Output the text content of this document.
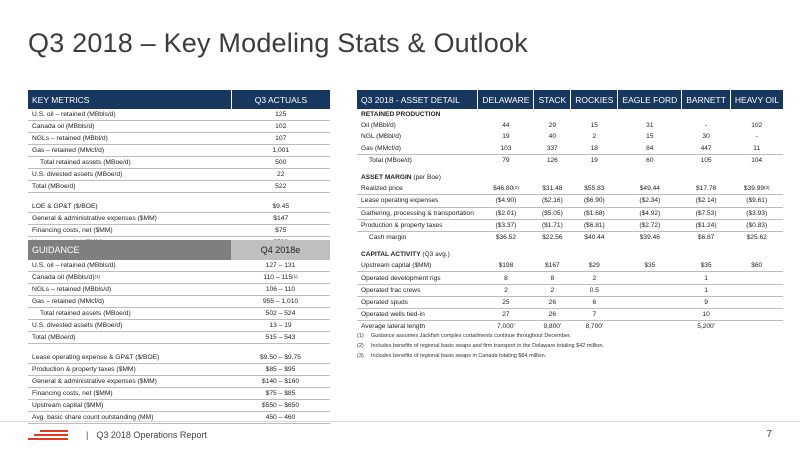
Q3 2018 – Key Modeling Stats & Outlook
KEY METRICS	Q3 ACTUALS
U.S. oil – retained (MBbls/d)	125
Canada oil (MBbls/d)	102
NGLs – retained (MBbl/d)	107
Gas – retained (MMcf/d)	1,001
Total retained assets (MBoe/d)	500
U.S. divested assets (MBoe/d)	22
Total (MBoe/d)	522

LOE & GP&T ($/BOE)	$9.45
General & administrative expenses ($MM)	$147
Financing costs, net ($MM)	$75

GUIDANCE	Q4 2018e
U.S. oil – retained (MBbls/d)	127 – 131
Canada oil (MBbls/d)$^{(1)}$	110 – 115$^{(1)}$
NGLs – retained (MBbls/d)	106 – 110
Gas – retained (MMcf/d)	955 – 1,010
Total retained assets (MBoe/d)	502 – 524
U.S. divested assets (MBoe/d)	13 – 19
Total (MBoe/d)	515 – 543

Lease operating expense & GP&T ($/BOE)	$9.50 – $9.75
Production & property taxes ($MM)	$85 – $95
General & administrative expenses ($MM)	$140 – $160
Financing costs, net ($MM)	$75 – $85
Upstream capital ($MM)	$550 – $650
Avg. basic share count outstanding (MM)	450 – 460
Q3 2018 - ASSET DETAIL	DELAWARE	STACK	ROCKIES	EAGLE FORD	BARNETT	HEAVY OIL
RETAINED PRODUCTION						
Oil (MBbl/d)	44	29	15	31	-	102
NGL (MBbl/d)	19	40	2	15	30	-
Gas (MMcf/d)	103	337	18	84	447	11
Total (MBoe/d)	79	126	19	60	105	104

ASSET MARGIN (per Boe)						
Realized price	$46.80$^{(2)}$	$31.48	$55.83	$49.44	$17.78	$39.99$^{(3)}$
Lease operating expenses	($4.90)	($2.16)	($6.90)	($2.34)	($2.14)	($9.61)
Gathering, processing & transportation	($2.01)	($5.05)	($1.68)	($4.92)	($7.53)	($3.93)
Production & property taxes	($3.37)	($1.71)	($6.81)	($2.72)	($1.24)	($0.83)
Cash margin	$36.52	$22.56	$40.44	$39.46	$6.87	$25.62

CAPITAL ACTIVITY (Q3 avg.)						
Upstream capital ($MM)	$198	$167	$29	$35	$35	$60
Operated development rigs	8	8	2		1	
Operated frac crews	2	2	0.5		1	
Operated spuds	25	26	6		9	
Operated wells tied-in	27	26	7		10	
Average lateral length	7,000'	9,800'	8,700'		5,200'	
(1) Guidance assumes Jackfish complex curtailments continue throughout December.
(2) Includes benefits of regional basis swaps and firm transport in the Delaware totaling $42 million.
(3) Includes benefits of regional basis swaps in Canada totaling $84 million.
| Q3 2018 Operations Report	7
